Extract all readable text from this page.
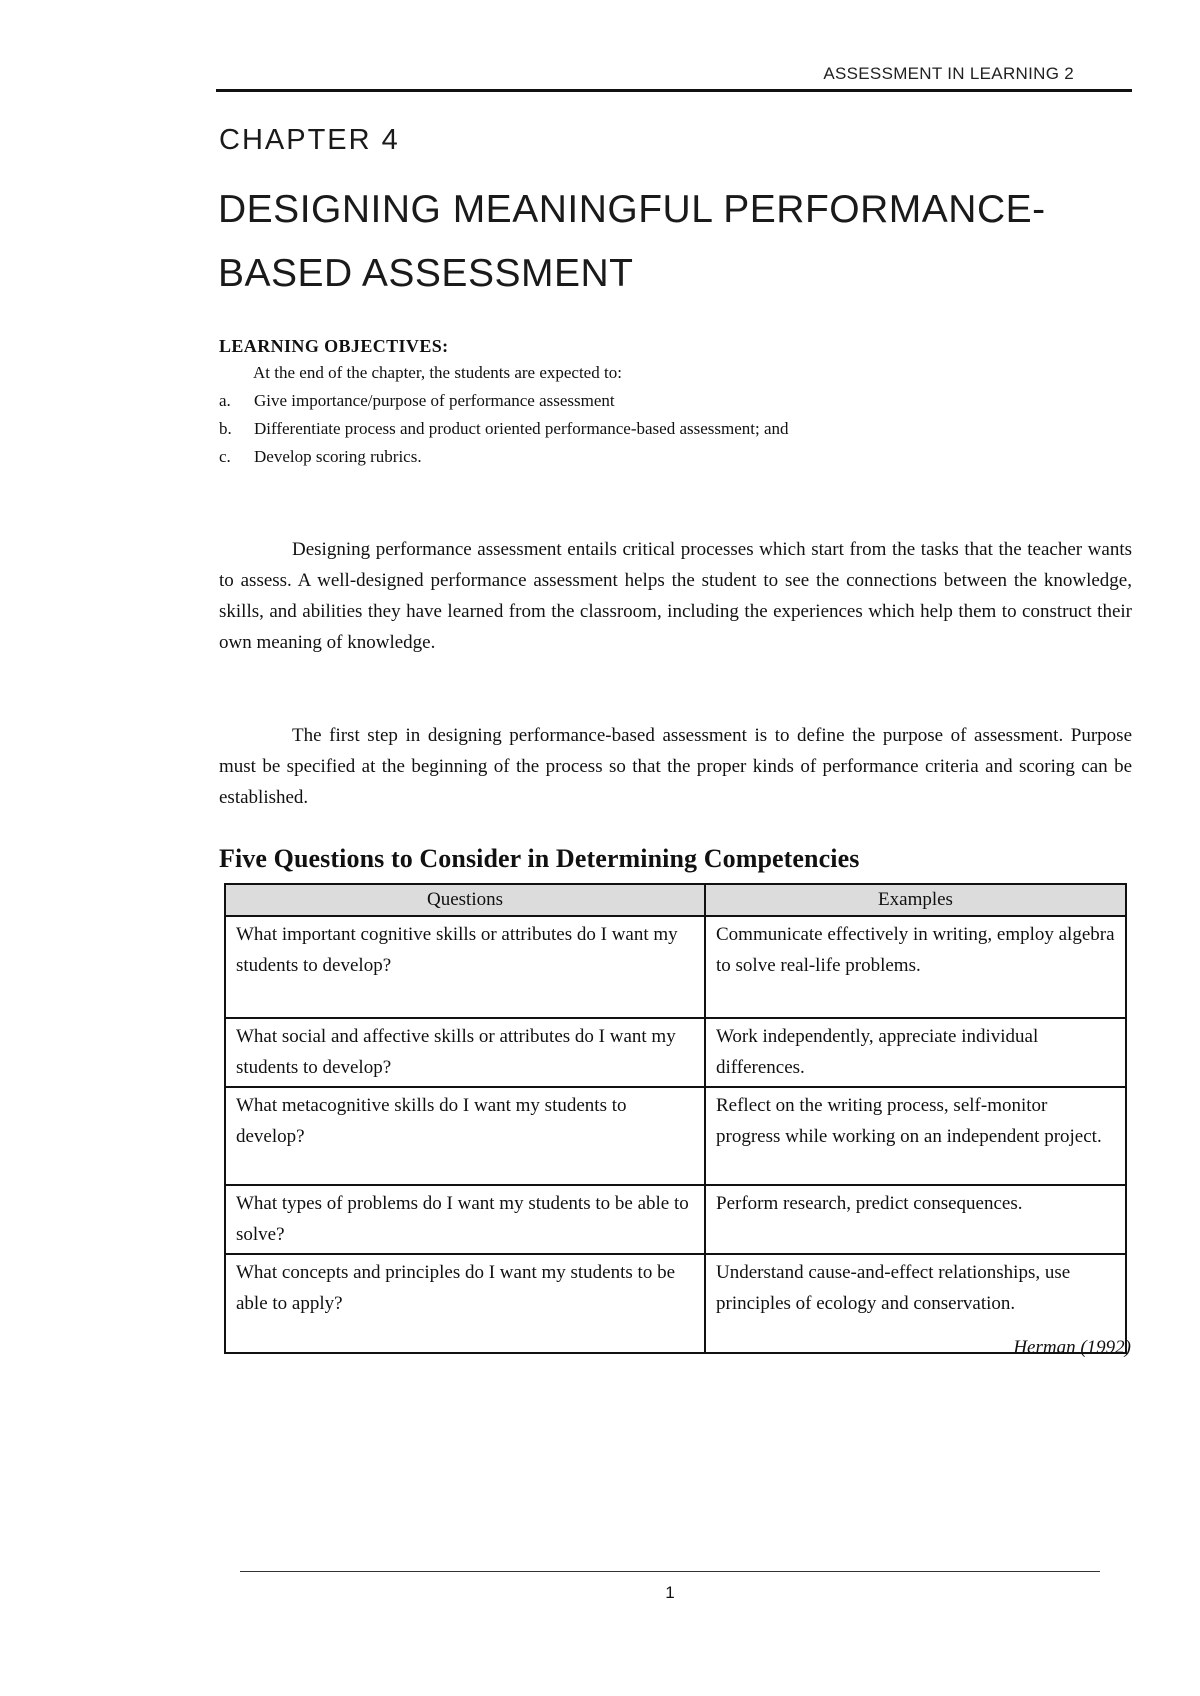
ASSESSMENT IN LEARNING 2
CHAPTER 4
DESIGNING MEANINGFUL PERFORMANCE-
BASED ASSESSMENT
LEARNING OBJECTIVES:
At the end of the chapter, the students are expected to:
a.	Give importance/purpose of performance assessment
b.	Differentiate process and product oriented performance-based assessment; and
c.	Develop scoring rubrics.

Designing performance assessment entails critical processes which start from the tasks that the teacher wants to assess. A well-designed performance assessment helps the student to see the connections between the knowledge, skills, and abilities they have learned from the classroom, including the experiences which help them to construct their own meaning of knowledge.

The first step in designing performance-based assessment is to define the purpose of assessment. Purpose must be specified at the beginning of the process so that the proper kinds of performance criteria and scoring can be established.

Five Questions to Consider in Determining Competencies
Questions	Examples
What important cognitive skills or attributes do I want my students to develop?	Communicate effectively in writing, employ algebra to solve real-life problems.
What social and affective skills or attributes do I want my students to develop?	Work independently, appreciate individual differences.
What metacognitive skills do I want my students to develop?	Reflect on the writing process, self-monitor progress while working on an independent project.
What types of problems do I want my students to be able to solve?	Perform research, predict consequences.
What concepts and principles do I want my students to be able to apply?	Understand cause-and-effect relationships, use principles of ecology and conservation.
Herman (1992)
1
